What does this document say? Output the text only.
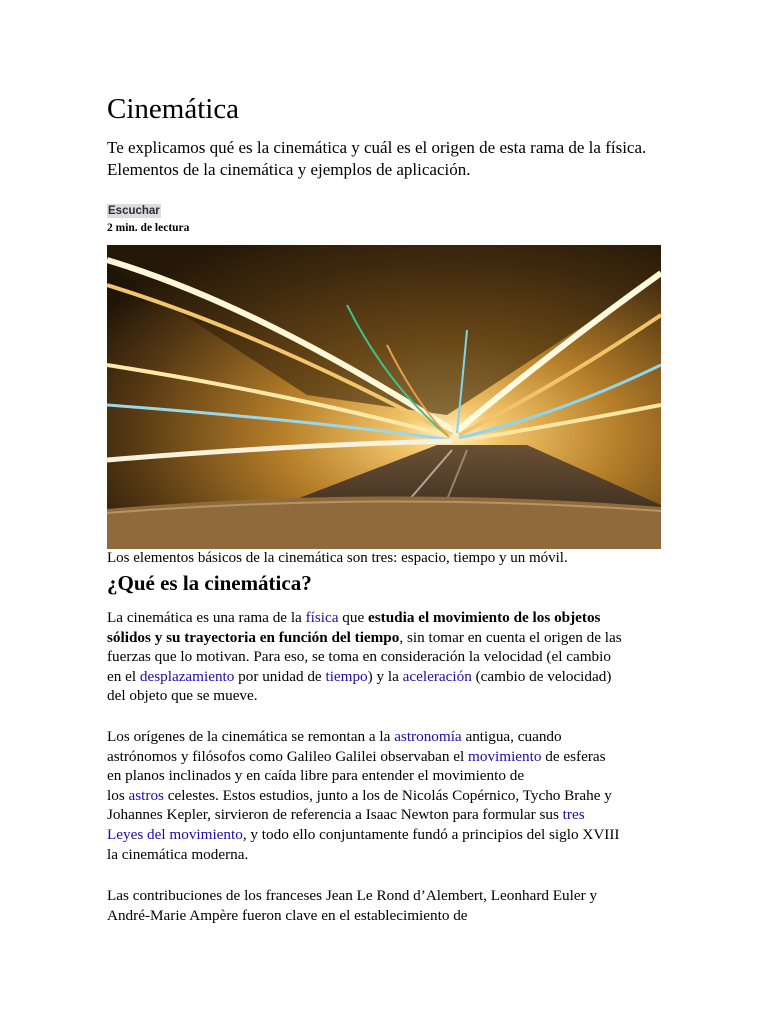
Cinemática

Te explicamos qué es la cinemática y cuál es el origen de esta rama de la física. Elementos de la cinemática y ejemplos de aplicación.

Escuchar
2 min. de lectura
Los elementos básicos de la cinemática son tres: espacio, tiempo y un móvil.
¿Qué es la cinemática?

La cinemática es una rama de la física que estudia el movimiento de los objetos
sólidos y su trayectoria en función del tiempo, sin tomar en cuenta el origen de las
fuerzas que lo motivan. Para eso, se toma en consideración la velocidad (el cambio
en el desplazamiento por unidad de tiempo) y la aceleración (cambio de velocidad)
del objeto que se mueve.

Los orígenes de la cinemática se remontan a la astronomía antigua, cuando
astrónomos y filósofos como Galileo Galilei observaban el movimiento de esferas
en planos inclinados y en caída libre para entender el movimiento de
los astros celestes. Estos estudios, junto a los de Nicolás Copérnico, Tycho Brahe y
Johannes Kepler, sirvieron de referencia a Isaac Newton para formular sus tres
Leyes del movimiento, y todo ello conjuntamente fundó a principios del siglo XVIII
la cinemática moderna.

Las contribuciones de los franceses Jean Le Rond d’Alembert, Leonhard Euler y
André-Marie Ampère fueron clave en el establecimiento de
